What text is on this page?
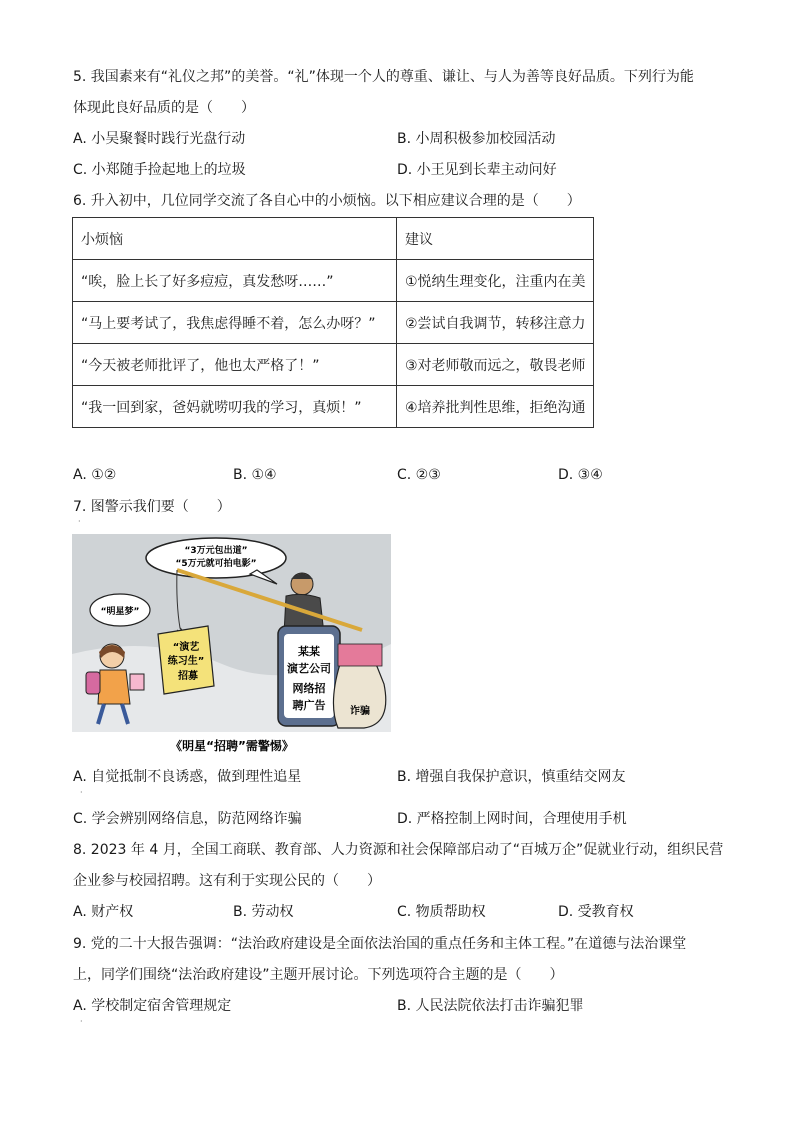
5. 我国素来有“礼仪之邦”的美誉。“礼”体现一个人的尊重、谦让、与人为善等良好品质。下列行为能
体现此良好品质的是（　　）
A. 小吴聚餐时践行光盘行动	B. 小周积极参加校园活动
C. 小郑随手捡起地上的垃圾	D. 小王见到长辈主动问好
6. 升入初中，几位同学交流了各自心中的小烦恼。以下相应建议合理的是（　　）
小烦恼	建议
“唉，脸上长了好多痘痘，真发愁呀……”	①悦纳生理变化，注重内在美
“马上要考试了，我焦虑得睡不着，怎么办呀？”	②尝试自我调节，转移注意力
“今天被老师批评了，他也太严格了！”	③对老师敬而远之，敬畏老师
“我一回到家，爸妈就唠叨我的学习，真烦！”	④培养批判性思维，拒绝沟通
A. ①②	B. ①④	C. ②③	D. ③④
7. 图警示我们要（　　）
·
“3万元包出道”
“5万元就可拍电影”
“演艺
练习生”
招募
“明星梦”
某某
演艺公司
网络招
聘广告 诈骗
《明星“招聘”需警惕》
A. 自觉抵制不良诱惑，做到理性追星	B. 增强自我保护意识，慎重结交网友
·
C. 学会辨别网络信息，防范网络诈骗	D. 严格控制上网时间，合理使用手机
8. 2023 年 4 月，全国工商联、教育部、人力资源和社会保障部启动了“百城万企”促就业行动，组织民营
企业参与校园招聘。这有利于实现公民的（　　）
A. 财产权	B. 劳动权	C. 物质帮助权	D. 受教育权
9. 党的二十大报告强调：“法治政府建设是全面依法治国的重点任务和主体工程。”在道德与法治课堂
上，同学们围绕“法治政府建设”主题开展讨论。下列选项符合主题的是（　　）
A. 学校制定宿舍管理规定	B. 人民法院依法打击诈骗犯罪
·
